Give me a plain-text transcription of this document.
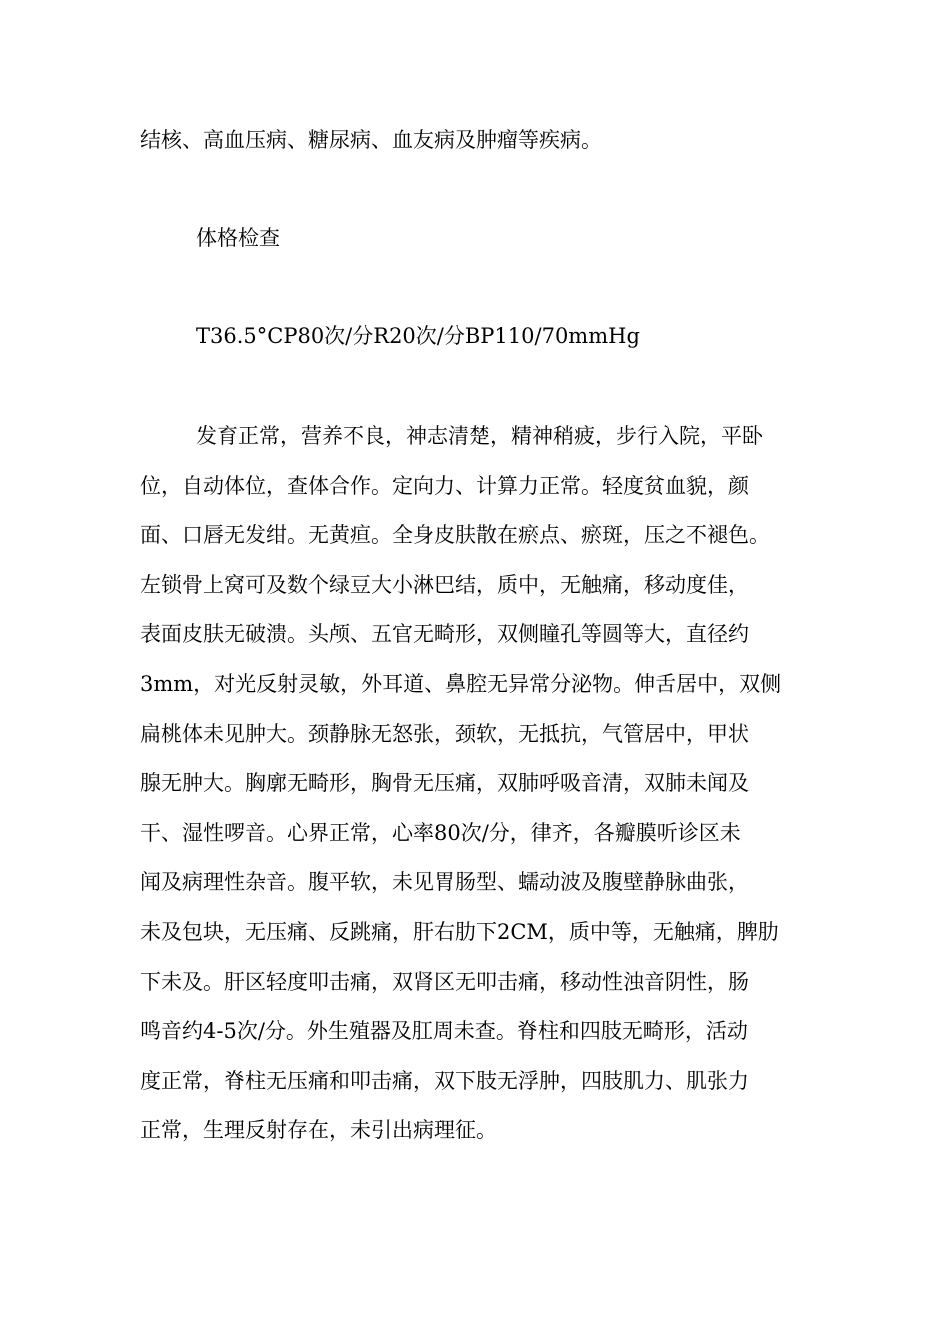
结核、高血压病、糖尿病、血友病及肿瘤等疾病。
体格检查
T36.5°CP80次/分R20次/分BP110/70mmHg
发育正常，营养不良，神志清楚，精神稍疲，步行入院，平卧
位，自动体位，查体合作。定向力、计算力正常。轻度贫血貌，颜
面、口唇无发绀。无黄疸。全身皮肤散在瘀点、瘀斑，压之不褪色。
左锁骨上窝可及数个绿豆大小淋巴结，质中，无触痛，移动度佳，
表面皮肤无破溃。头颅、五官无畸形，双侧瞳孔等圆等大，直径约
3mm，对光反射灵敏，外耳道、鼻腔无异常分泌物。伸舌居中，双侧
扁桃体未见肿大。颈静脉无怒张，颈软，无抵抗，气管居中，甲状
腺无肿大。胸廓无畸形，胸骨无压痛，双肺呼吸音清，双肺未闻及
干、湿性啰音。心界正常，心率80次/分，律齐，各瓣膜听诊区未
闻及病理性杂音。腹平软，未见胃肠型、蠕动波及腹壁静脉曲张，
未及包块，无压痛、反跳痛，肝右肋下2CM，质中等，无触痛，脾肋
下未及。肝区轻度叩击痛，双肾区无叩击痛，移动性浊音阴性，肠
鸣音约4-5次/分。外生殖器及肛周未查。脊柱和四肢无畸形，活动
度正常，脊柱无压痛和叩击痛，双下肢无浮肿，四肢肌力、肌张力
正常，生理反射存在，未引出病理征。
